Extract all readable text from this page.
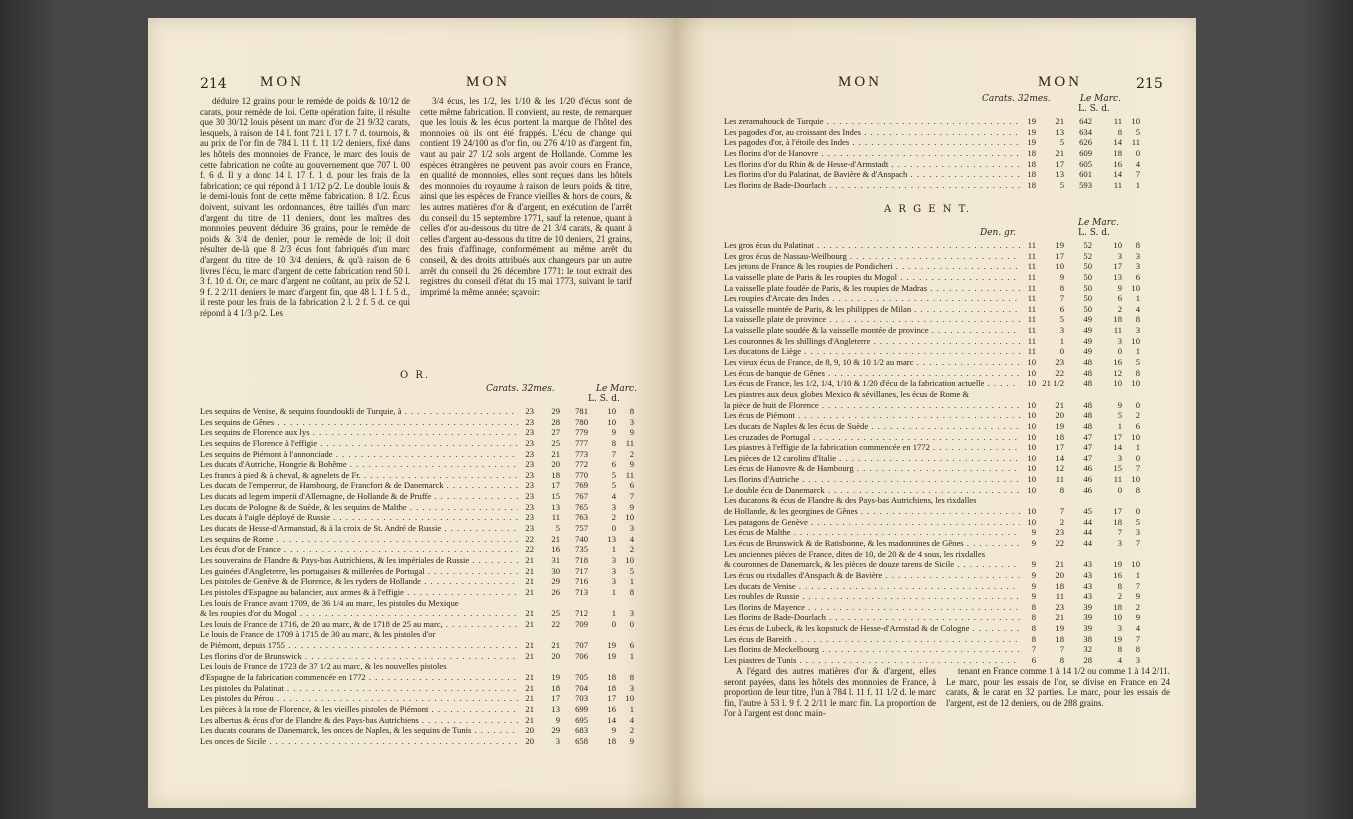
214 MON	MON

déduire 12 grains pour le remède de poids & 10/12 de carats, pour remède de loi. Cette opération faite, il résulte que 30 30/12 louis pèsent un marc d'or de 21 9/32 carats, lesquels, à raison de 14 l. font 721 l. 17 f. 7 d. tournois, & au prix de l'or fin de 784 l. 11 f. 11 1/2 deniers, fixé dans les hôtels des monnoies de France, le marc des louis de cette fabrication ne coûte au gouvernement que 707 l. 00 f. 6 d. Il y a donc 14 l. 17 f. 1 d. pour les frais de la fabrication; ce qui répond à 1 1/12 p/2. Le double louis & le demi-louis font de cette même fabrication. 8 1/2. Écus doivent, suivant les ordonnances, être taillés d'un marc d'argent du titre de 11 deniers, dont les maîtres des monnoies peuvent déduire 36 grains, pour le remède de poids & 3/4 de denier, pour le remède de loi; il doit résulter de-là que 8 2/3 écus font fabriqués d'un marc d'argent du titre de 10 3/4 deniers, & qu'à raison de 6 livres l'écu, le marc d'argent de cette fabrication rend 50 l. 3 f. 10 d. Or, ce marc d'argent ne coûtant, au prix de 52 l. 9 f. 2 2/11 deniers le marc d'argent fin, que 48 l. 1 f. 5 d., il reste pour les frais de la fabrication 2 l. 2 f. 5 d. ce qui répond à 4 1/3 p/2. Les

3/4 écus, les 1/2, les 1/10 & les 1/20 d'écus sont de cette même fabrication. Il convient, au reste, de remarquer que les louis & les écus portent la marque de l'hôtel des monnoies où ils ont été frappés. L'écu de change qui contient 19 24/100 as d'or fin, ou 276 4/10 as d'argent fin, vaut au pair 27 1/2 sols argent de Hollande. Comme les espèces étrangères ne peuvent pas avoir cours en France, en qualité de monnoies, elles sont reçues dans les hôtels des monnoies du royaume à raison de leurs poids & titre, ainsi que les espèces de France vieilles & hors de cours, & les autres matières d'or & d'argent, en exécution de l'arrêt du conseil du 15 septembre 1771, sauf la retenue, quant à celles d'or au-dessous du titre de 21 3/4 carats, & quant à celles d'argent au-dessous du titre de 10 deniers, 21 grains, des frais d'affinage, conformément au même arrêt du conseil, & des droits attribués aux changeurs par un autre arrêt du conseil du 26 décembre 1771: le tout extrait des registres du conseil d'état du 15 mai 1773, suivant le tarif imprimé la même année; sçavoir:

O R.
Carats. 32mes.	Le Marc.
L. S. d.
Les sequins de Venise, & sequins foundoukli de Turquie, à . . .	23	29	781	10	8
Les sequins de Gênes . . .	23	28	780	10	3
Les sequins de Florence aux lys . . .	23	27	779	9	9
Les sequins de Florence à l'effigie . . .	23	25	777	8	11
Les sequins de Piémont à l'annonciade . . .	23	21	773	7	2
Les ducats d'Autriche, Hongrie & Bohême . . .	23	20	772	6	9
Les francs à pied & à cheval, & agnelets de Fr. . . .	23	18	770	5	11
Les ducats de l'empereur, de Hambourg, de Francfort & de Danemarck . . .	23	17	769	5	6
Les ducats ad legem imperii d'Allemagne, de Hollande & de Pruffe . . .	23	15	767	4	7
Les ducats de Pologne & de Suède, & les sequins de Malthe . . .	23	13	765	3	9
Les ducats à l'aigle déployé de Russie . . .	23	11	763	2	10
Les ducats de Hesse-d'Armanstad, & à la croix de St. André de Russie . . .	23	5	757	0	3
Les sequins de Rome . . .	22	21	740	13	4
Les écus d'or de France . . .	22	16	735	1	2
Les souverains de Flandre & Pays-bas Autrichiens, & les impériales de Russie . . .	21	31	718	3	10
Les guinées d'Angleterre, les portugaises & millerées de Portugal . . .	21	30	717	3	5
Les pistoles de Genève & de Florence, & les ryders de Hollande . . .	21	29	716	3	1
Les pistoles d'Espagne au balancier, aux armes & à l'effigie . . .	21	26	713	1	8
Les louis de France avant 1709, de 36 1/4 au marc, les pistoles du Mexique
& les roupies d'or du Mogol . . .	21	25	712	1	3
Les louis de France de 1716, de 20 au marc, & de 1718 de 25 au marc, . . .	21	22	709	0	0
Le louis de France de 1709 à 1715 de 30 au marc, & les pistoles d'or
de Piémont, depuis 1755 . . .	21	21	707	19	6
Les florins d'or de Brunswick . . .	21	20	706	19	1
Les louis de France de 1723 de 37 1/2 au marc, & les nouvelles pistoles
d'Espagne de la fabrication commencée en 1772 . . .	21	19	705	18	8
Les pistoles du Palatinat . . .	21	18	704	18	3
Les pistoles du Pérou . . .	21	17	703	17	10
Les pièces à la rose de Florence, & les vieilles pistoles de Piémont . . .	21	13	699	16	1
Les albertus & écus d'or de Flandre & des Pays-bas Autrichiens . . .	21	9	695	14	4
Les ducats courans de Danemarck, les onces de Naples, & les sequins de Tunis . . .	20	29	683	9	2
Les onces de Sicile . . .	20	3	658	18	9
MON	MON	215
Carats. 32mes.	Le Marc.
L. S. d.
Les zeramahouck de Turquie . . .	19	21	642	11	10
Les pagodes d'or, au croissant des Indes . . .	19	13	634	8	5
Les pagodes d'or, à l'étoile des Indes . . .	19	5	626	14	11
Les florins d'or de Hanovre . . .	18	21	609	18	0
Les florins d'or du Rhin & de Hesse-d'Armstadt . . .	18	17	605	16	4
Les florins d'or du Palatinat, de Bavière & d'Anspach . . .	18	13	601	14	7
Les florins de Bade-Dourlach . . .	18	5	593	11	1
A R G E N T.
Le Marc.
Den. gr.	L. S. d.
Les gros écus du Palatinat . . .	11	19	52	10	8
Les gros écus de Nassau-Weilbourg . . .	11	17	52	3	3
Les jetons de France & les roupies de Pondicheri . . .	11	10	50	17	3
La vaisselle plate de Paris & les roupies du Mogol . . .	11	9	50	13	6
La vaisselle plate foudée de Paris, & les roupies de Madras . . .	11	8	50	9	10
Les roupies d'Arcate des Indes . . .	11	7	50	6	1
La vaisselle montée de Paris, & les philippes de Milan . . .	11	6	50	2	4
La vaisselle plate de province . . .	11	5	49	18	8
La vaisselle plate soudée & la vaisselle montée de province . . .	11	3	49	11	3
Les couronnes & les shillings d'Angleterre . . .	11	1	49	3	10
Les ducatons de Liège . . .	11	0	49	0	1
Les vieux écus de France, de 8, 9, 10 & 10 1/2 au marc . . .	10	23	48	16	5
Les écus de banque de Gênes . . .	10	22	48	12	8
Les écus de France, les 1/2, 1/4, 1/10 & 1/20 d'écu de la fabrication actuelle . . .	10 21 1/2	48	10	10
Les piastres aux deux globes Mexico & sévillanes, les écus de Rome &
la pièce de huit de Florence . . .	10	21	48	9	0
Les écus de Piémont . . .	10	20	48	5	2
Les ducats de Naples & les écus de Suède . . .	10	19	48	1	6
Les cruzades de Portugal . . .	10	18	47	17	10
Les piastres à l'effigie de la fabrication commencée en 1772 . . .	10	17	47	14	1
Les pièces de 12 carolins d'Italie . . .	10	14	47	3	0
Les écus de Hanovre & de Hambourg . . .	10	12	46	15	7
Les florins d'Autriche . . .	10	11	46	11	10
Le double écu de Danemarck . . .	10	8	46	0	8
Les ducatons & écus de Flandre & des Pays-bas Autrichiens, les rixdalles
de Hollande, & les georgines de Gênes . . .	10	7	45	17	0
Les patagons de Genève . . .	10	2	44	18	5
Les écus de Malthe . . .	9	23	44	7	3
Les écus de Brunswick & de Ratisbonne, & les madonnines de Gênes . . .	9	22	44	3	7
Les anciennes pièces de France, dites de 10, de 20 & de 4 sous, les rixdalles
& couronnes de Danemarck, & les pièces de douze tarens de Sicile . . .	9	21	43	19	10
Les écus ou rixdalles d'Anspach & de Bavière . . .	9	20	43	16	1
Les ducats de Venise . . .	9	18	43	8	7
Les roubles de Russie . . .	9	11	43	2	9
Les florins de Mayence . . .	8	23	39	18	2
Les florins de Bade-Dourlach . . .	8	21	39	10	9
Les écus de Lubeck, & les kopstuck de Hesse-d'Armstad & de Cologne . . .	8	19	39	3	4
Les écus de Bareith . . .	8	18	38	19	7
Les florins de Meckelbourg . . .	7	7	32	8	8
Les piastres de Tunis . . .	6	8	28	4	3

A l'égard des autres matières d'or & d'argent, elles seront payées, dans les hôtels des monnoies de France, à proportion de leur titre, l'un à 784 l. 11 f. 11 1/2 d. le marc fin, l'autre à 53 l. 9 f. 2 2/11 le marc fin. La proportion de l'or à l'argent est donc main-

tenant en France comme 1 à 14 1/2 ou comme 1 à 14 2/11. Le marc, pour les essais de l'or, se divise en France en 24 carats, & le carat en 32 parties. Le marc, pour les essais de l'argent, est de 12 deniers, ou de 288 grains.
